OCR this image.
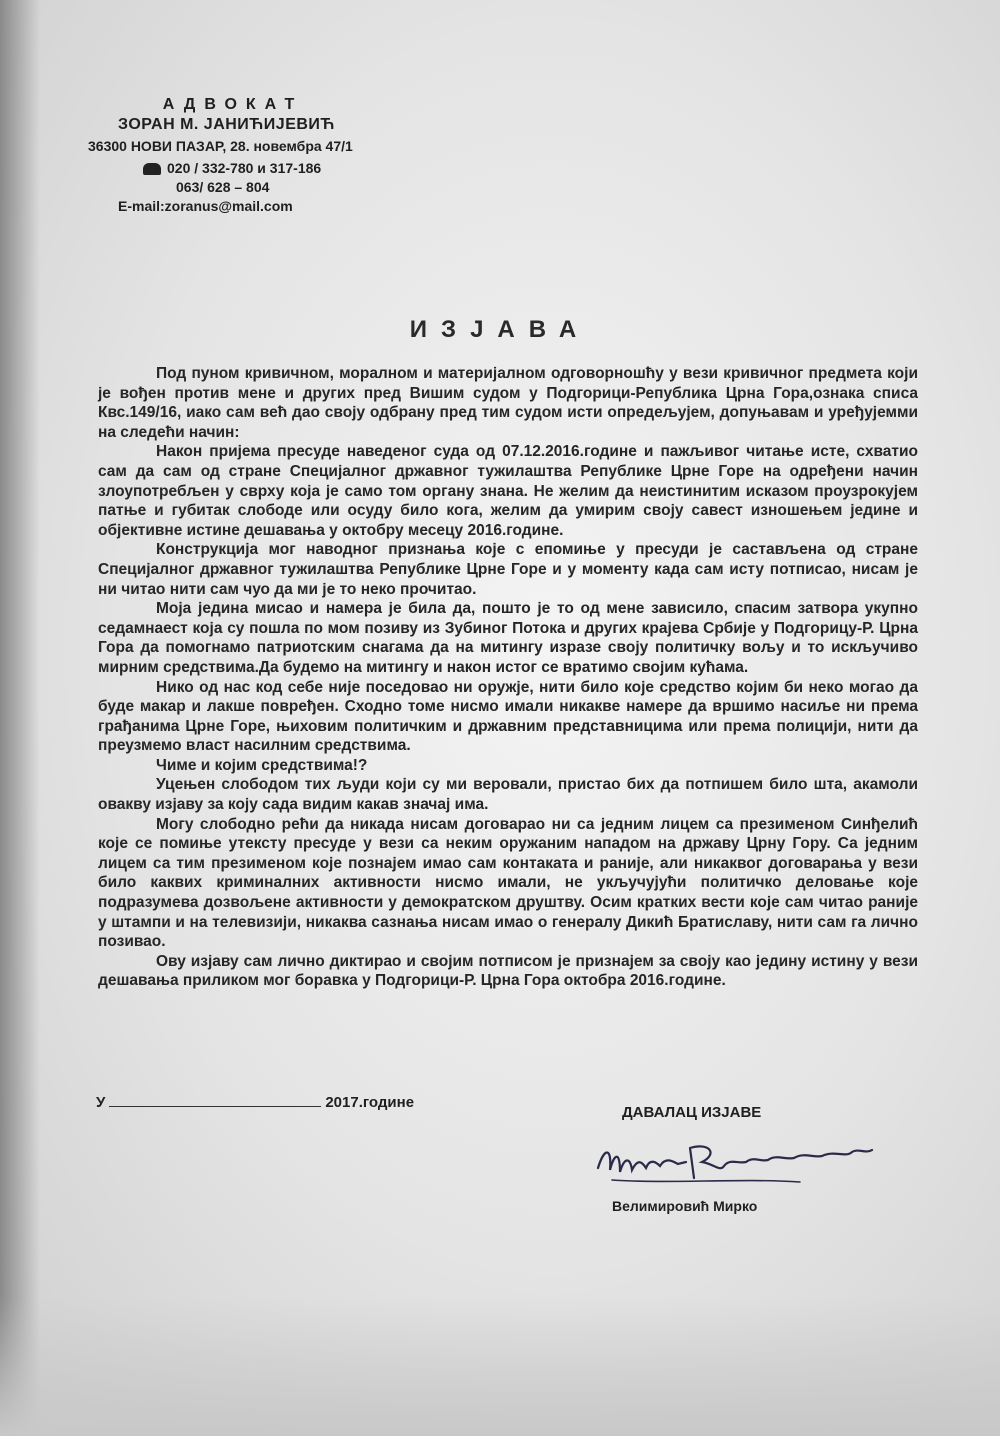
АДВОКАТ
ЗОРАН М. ЈАНИЋИЈЕВИЋ
36300 НОВИ ПАЗАР, 28. новембра 47/1
020 / 332-780 и 317-186
063/ 628 – 804
E-mail:zoranus@mail.com
ИЗЈАВА

Под пуном кривичном, моралном и материјалном одговорношћу у вези кривичног предмета који је вођен против мене и других пред Вишим судом у Подгорици-Република Црна Гора,ознака списа Квс.149/16, иако сам већ дао своју одбрану пред тим судом исти опредељујем, допуњавам и уређујемми на следећи начин:

Након пријема пресуде наведеног суда од 07.12.2016.године и пажљивог читање исте, схватио сам да сам од стране Специјалног државног тужилаштва Републике Црне Горе на одређени начин злоупотребљен у сврху која је само том органу знана. Не желим да неистинитим исказом проузрокујем патње и губитак слободе или осуду било кога, желим да умирим своју савест изношењем једине и објективне истине дешавања у октобру месецу 2016.године.

Конструкција мог наводног признања које с епомиње у пресуди је састављена од стране Специјалног државног тужилаштва Републике Црне Горе и у моменту када сам исту потписао, нисам је ни читао нити сам чуо да ми је то неко прочитао.

Моја једина мисао и намера је била да, пошто је то од мене зависило, спасим затвора укупно седамнаест која су пошла по мом позиву из Зубиног Потока и других крајева Србије у Подгорицу-Р. Црна Гора да помогнамо патриотским снагама да на митингу изразе своју политичку вољу и то искључиво мирним средствима.Да будемо на митингу и након истог се вратимо својим кућама.

Нико од нас код себе није поседовао ни оружје, нити било које средство којим би неко могао да буде макар и лакше повређен. Сходно томе нисмо имали никакве намере да вршимо насиље ни према грађанима Црне Горе, њиховим политичким и државним представницима или према полицији, нити да преузмемо власт насилним средствима.

Чиме и којим средствима!?

Уцењен слободом тих људи који су ми веровали, пристао бих да потпишем било шта, акамоли овакву изјаву за коју сада видим какав значај има.

Могу слободно рећи да никада нисам договарао ни са једним лицем са презименом Синђелић које се помиње утексту пресуде у вези са неким оружаним нападом на државу Црну Гору. Са једним лицем са тим презименом које познајем имао сам контаката и раније, али никаквог договарања у вези било каквих криминалних активности нисмо имали, не укључујући политичко деловање које подразумева дозвољене активности у демократском друштву. Осим кратких вести које сам читао раније у штампи и на телевизији, никаква сазнања нисам имао о генералу Дикић Братиславу, нити сам га лично позивао.

Ову изјаву сам лично диктирао и својим потписом је признајем за своју као једину истину у вези дешавања приликом мог боравка у Подгорици-Р. Црна Гора октобра 2016.године.

У	2017.године
ДАВАЛАЦ ИЗЈАВЕ
Велимировић Мирко
